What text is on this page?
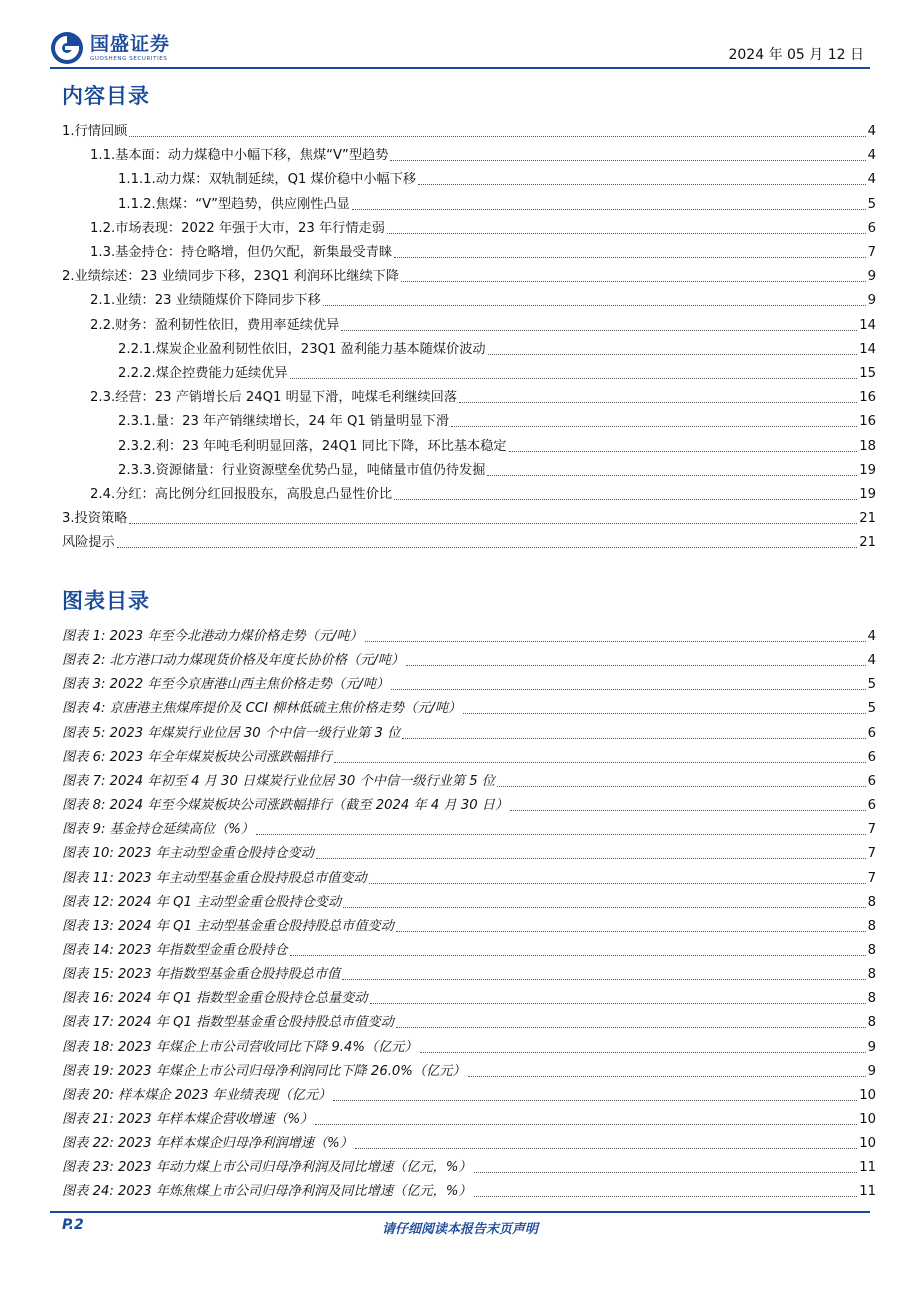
国盛证券
GUOSHENG SECURITIES	2024 年 05 月 12 日
内容目录
1.行情回顾	4
1.1.基本面：动力煤稳中小幅下移，焦煤“V”型趋势	4
1.1.1.动力煤：双轨制延续，Q1 煤价稳中小幅下移	4
1.1.2.焦煤：“V”型趋势，供应刚性凸显	5
1.2.市场表现：2022 年强于大市，23 年行情走弱	6
1.3.基金持仓：持仓略增，但仍欠配，新集最受青睐	7
2.业绩综述：23 业绩同步下移，23Q1 利润环比继续下降	9
2.1.业绩：23 业绩随煤价下降同步下移	9
2.2.财务：盈利韧性依旧，费用率延续优异	14
2.2.1.煤炭企业盈利韧性依旧，23Q1 盈利能力基本随煤价波动	14
2.2.2.煤企控费能力延续优异	15
2.3.经营：23 产销增长后 24Q1 明显下滑，吨煤毛利继续回落	16
2.3.1.量：23 年产销继续增长，24 年 Q1 销量明显下滑	16
2.3.2.利：23 年吨毛利明显回落，24Q1 同比下降，环比基本稳定	18
2.3.3.资源储量：行业资源壁垒优势凸显，吨储量市值仍待发掘	19
2.4.分红：高比例分红回报股东，高股息凸显性价比	19
3.投资策略	21
风险提示	21
图表目录
图表 1: 2023 年至今北港动力煤价格走势（元/吨）	4
图表 2: 北方港口动力煤现货价格及年度长协价格（元/吨）	4
图表 3: 2022 年至今京唐港山西主焦价格走势（元/吨）	5
图表 4: 京唐港主焦煤库提价及 CCI 柳林低硫主焦价格走势（元/吨）	5
图表 5: 2023 年煤炭行业位居 30 个中信一级行业第 3 位	6
图表 6: 2023 年全年煤炭板块公司涨跌幅排行	6
图表 7: 2024 年初至 4 月 30 日煤炭行业位居 30 个中信一级行业第 5 位	6
图表 8: 2024 年至今煤炭板块公司涨跌幅排行（截至 2024 年 4 月 30 日）	6
图表 9: 基金持仓延续高位（%）	7
图表 10: 2023 年主动型金重仓股持仓变动	7
图表 11: 2023 年主动型基金重仓股持股总市值变动	7
图表 12: 2024 年 Q1 主动型金重仓股持仓变动	8
图表 13: 2024 年 Q1 主动型基金重仓股持股总市值变动	8
图表 14: 2023 年指数型金重仓股持仓	8
图表 15: 2023 年指数型基金重仓股持股总市值	8
图表 16: 2024 年 Q1 指数型金重仓股持仓总量变动	8
图表 17: 2024 年 Q1 指数型基金重仓股持股总市值变动	8
图表 18: 2023 年煤企上市公司营收同比下降 9.4%（亿元）	9
图表 19: 2023 年煤企上市公司归母净利润同比下降 26.0%（亿元）	9
图表 20: 样本煤企 2023 年业绩表现（亿元）	10
图表 21: 2023 年样本煤企营收增速（%）	10
图表 22: 2023 年样本煤企归母净利润增速（%）	10
图表 23: 2023 年动力煤上市公司归母净利润及同比增速（亿元，%）	11
图表 24: 2023 年炼焦煤上市公司归母净利润及同比增速（亿元，%）	11
P.2	请仔细阅读本报告末页声明
